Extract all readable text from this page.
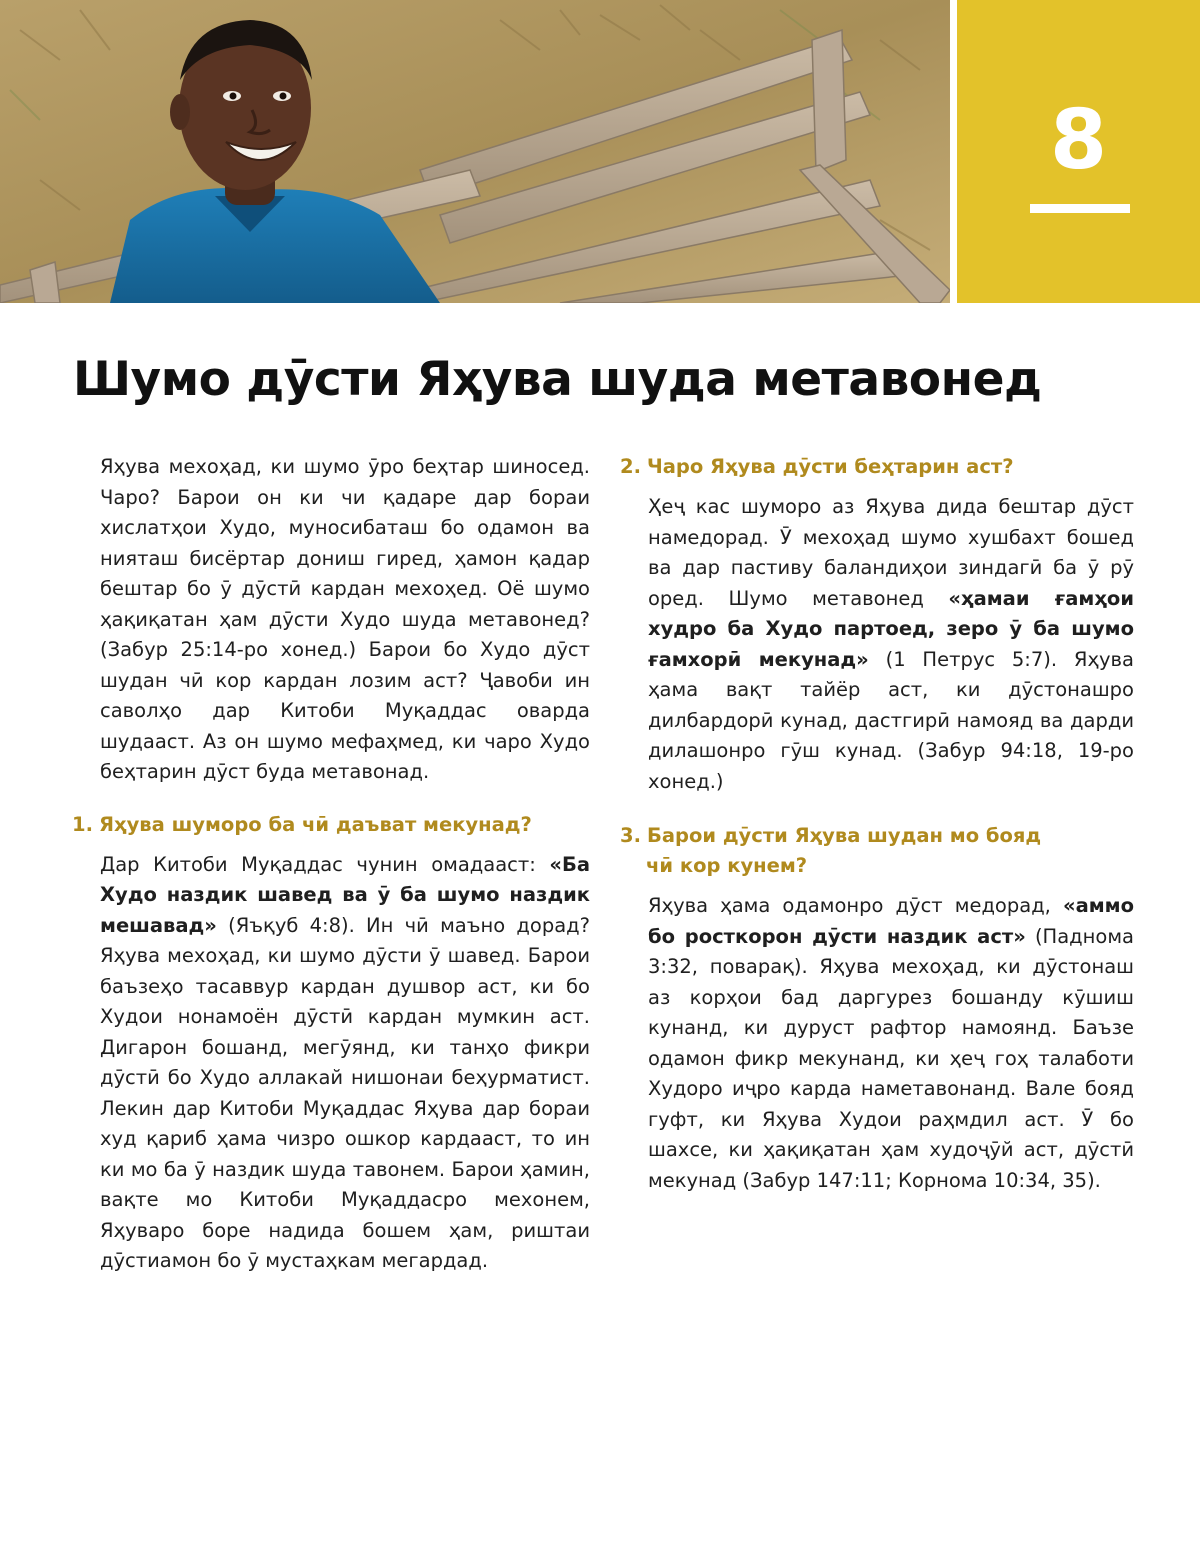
8
Шумо дӯсти Яҳува шуда метавонед

Яҳува мехоҳад, ки шумо ӯро беҳтар шиносед. Чаро? Барои он ки чи қадаре дар бораи хислатҳои Худо, муносибаташ бо одамон ва нияташ бисёртар дониш гиред, ҳамон қадар бештар бо ӯ дӯстӣ кардан мехоҳед. Оё шумо ҳақиқатан ҳам дӯсти Худо шуда метавонед? (Забур 25:14-ро хонед.) Барои бо Худо дӯст шудан чӣ кор кардан лозим аст? Ҷавоби ин саволҳо дар Китоби Муқаддас оварда шудааст. Аз он шумо мефаҳмед, ки чаро Худо беҳтарин дӯст буда метавонад.

1. Яҳува шуморо ба чӣ даъват мекунад?

Дар Китоби Муқаддас чунин омадааст: «Ба Худо наздик шавед ва ӯ ба шумо наздик мешавад» (Яъқуб 4:8). Ин чӣ маъно дорад? Яҳува мехоҳад, ки шумо дӯсти ӯ шавед. Барои баъзеҳо тасаввур кардан душвор аст, ки бо Худои нонамоён дӯстӣ кардан мумкин аст. Дигарон бошанд, мегӯянд, ки танҳо фикри дӯстӣ бо Худо аллакай нишонаи беҳурматист. Лекин дар Китоби Муқаддас Яҳува дар бораи худ қариб ҳама чизро ошкор кардааст, то ин ки мо ба ӯ наздик шуда тавонем. Барои ҳамин, вақте мо Китоби Муқаддасро мехонем, Яҳуваро боре надида бошем ҳам, риштаи дӯстиамон бо ӯ мустаҳкам мегардад.

2. Чаро Яҳува дӯсти беҳтарин аст?

Ҳеҷ кас шуморо аз Яҳува дида бештар дӯст намедорад. Ӯ мехоҳад шумо хушбахт бошед ва дар пастиву баландиҳои зиндагӣ ба ӯ рӯ оред. Шумо метавонед «ҳамаи ғамҳои худро ба Худо партоед, зеро ӯ ба шумо ғамхорӣ мекунад» (1 Петрус 5:7). Яҳува ҳама вақт тайёр аст, ки дӯстонашро дилбардорӣ кунад, дастгирӣ намояд ва дарди дилашонро гӯш кунад. (Забур 94:18, 19-ро хонед.)

3. Барои дӯсти Яҳува шудан мо бояд
чӣ кор кунем?

Яҳува ҳама одамонро дӯст медорад, «аммо бо росткорон дӯсти наздик аст» (Паднома 3:32, поварақ). Яҳува мехоҳад, ки дӯстонаш аз корҳои бад даргурез бошанду кӯшиш кунанд, ки дуруст рафтор намоянд. Баъзе одамон фикр мекунанд, ки ҳеҷ гоҳ талаботи Худоро иҷро карда наметавонанд. Вале бояд гуфт, ки Яҳува Худои раҳмдил аст. Ӯ бо шахсе, ки ҳақиқатан ҳам худоҷӯй аст, дӯстӣ мекунад (Забур 147:11; Корнома 10:34, 35).
